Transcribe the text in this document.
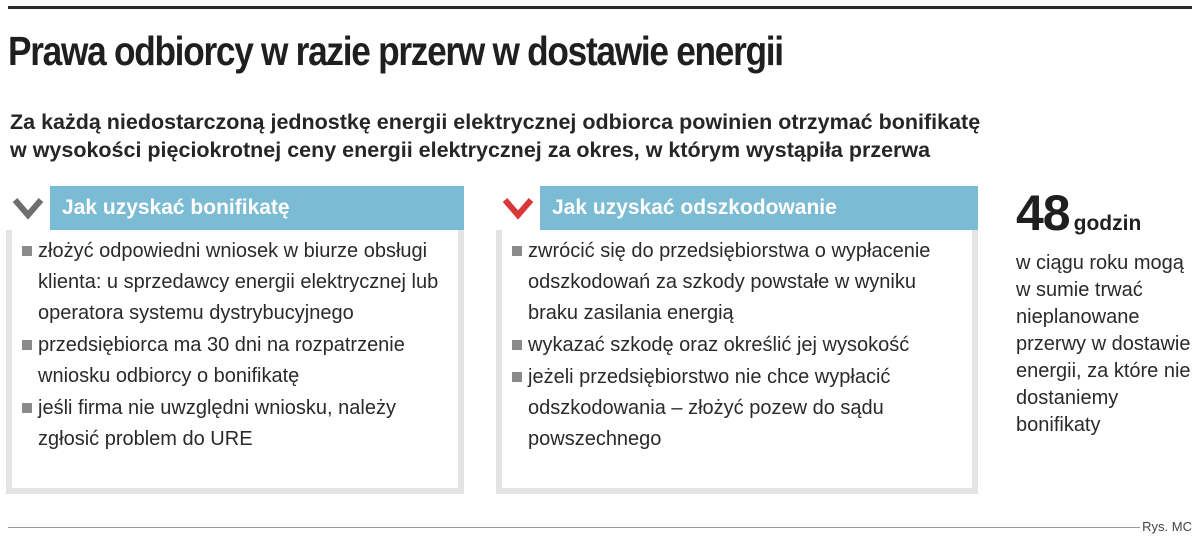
Prawa odbiorcy w razie przerw w dostawie energii
Za każdą niedostarczoną jednostkę energii elektrycznej odbiorca powinien otrzymać bonifikatę
w wysokości pięciokrotnej ceny energii elektrycznej za okres, w którym wystąpiła przerwa
Jak uzyskać bonifikatę
złożyć odpowiedni wniosek w biurze obsługi klienta: u sprzedawcy energii elektrycznej lub operatora systemu dystrybucyjnego
przedsiębiorca ma 30 dni na rozpatrzenie wniosku odbiorcy o bonifikatę
jeśli firma nie uwzględni wniosku, należy zgłosić problem do URE
Jak uzyskać odszkodowanie
zwrócić się do przedsiębiorstwa o wypłacenie odszkodowań za szkody powstałe w wyniku braku zasilania energią
wykazać szkodę oraz określić jej wysokość
jeżeli przedsiębiorstwo nie chce wypłacić odszkodowania – złożyć pozew do sądu powszechnego
48 godzin
w ciągu roku mogą w sumie trwać nieplanowane przerwy w dostawie energii, za które nie dostaniemy bonifikaty
Rys. MC
